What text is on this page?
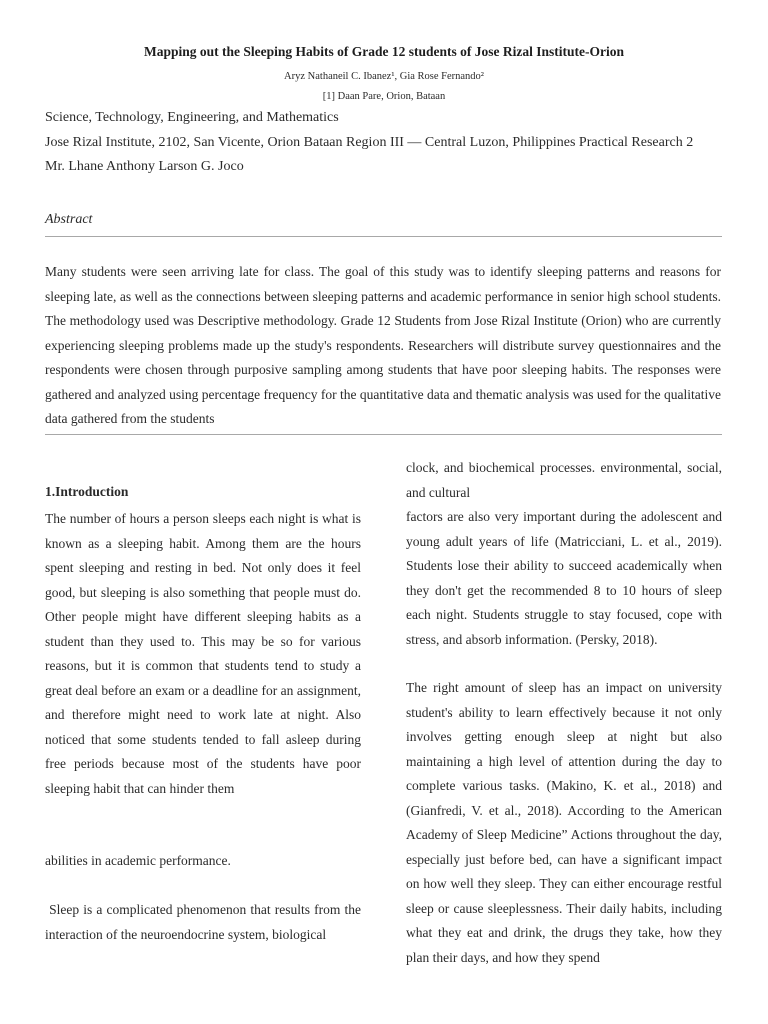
Mapping out the Sleeping Habits of Grade 12 students of Jose Rizal Institute-Orion
Aryz Nathaneil C. Ibanez¹, Gia Rose Fernando²
[1] Daan Pare, Orion, Bataan
Science, Technology, Engineering, and Mathematics
Jose Rizal Institute, 2102, San Vicente, Orion Bataan Region III — Central Luzon, Philippines Practical Research 2
Mr. Lhane Anthony Larson G. Joco
Abstract
Many students were seen arriving late for class. The goal of this study was to identify sleeping patterns and reasons for sleeping late, as well as the connections between sleeping patterns and academic performance in senior high school students. The methodology used was Descriptive methodology. Grade 12 Students from Jose Rizal Institute (Orion) who are currently experiencing sleeping problems made up the study's respondents. Researchers will distribute survey questionnaires and the respondents were chosen through purposive sampling among students that have poor sleeping habits. The responses were gathered and analyzed using percentage frequency for the quantitative data and thematic analysis was used for the qualitative data gathered from the students
1.Introduction

The number of hours a person sleeps each night is what is known as a sleeping habit. Among them are the hours spent sleeping and resting in bed. Not only does it feel good, but sleeping is also something that people must do. Other people might have different sleeping habits as a student than they used to. This may be so for various reasons, but it is common that students tend to study a great deal before an exam or a deadline for an assignment, and therefore might need to work late at night. Also noticed that some students tended to fall asleep during free periods because most of the students have poor sleeping habit that can hinder them

abilities in academic performance.

Sleep is a complicated phenomenon that results from the interaction of the neuroendocrine system, biological

clock, and biochemical processes. environmental, social, and cultural

factors are also very important during the adolescent and young adult years of life (Matricciani, L. et al., 2019). Students lose their ability to succeed academically when they don't get the recommended 8 to 10 hours of sleep each night. Students struggle to stay focused, cope with stress, and absorb information. (Persky, 2018).

The right amount of sleep has an impact on university student's ability to learn effectively because it not only involves getting enough sleep at night but also maintaining a high level of attention during the day to complete various tasks. (Makino, K. et al., 2018) and (Gianfredi, V. et al., 2018). According to the American Academy of Sleep Medicine” Actions throughout the day, especially just before bed, can have a significant impact on how well they sleep. They can either encourage restful sleep or cause sleeplessness. Their daily habits, including what they eat and drink, the drugs they take, how they plan their days, and how they spend
